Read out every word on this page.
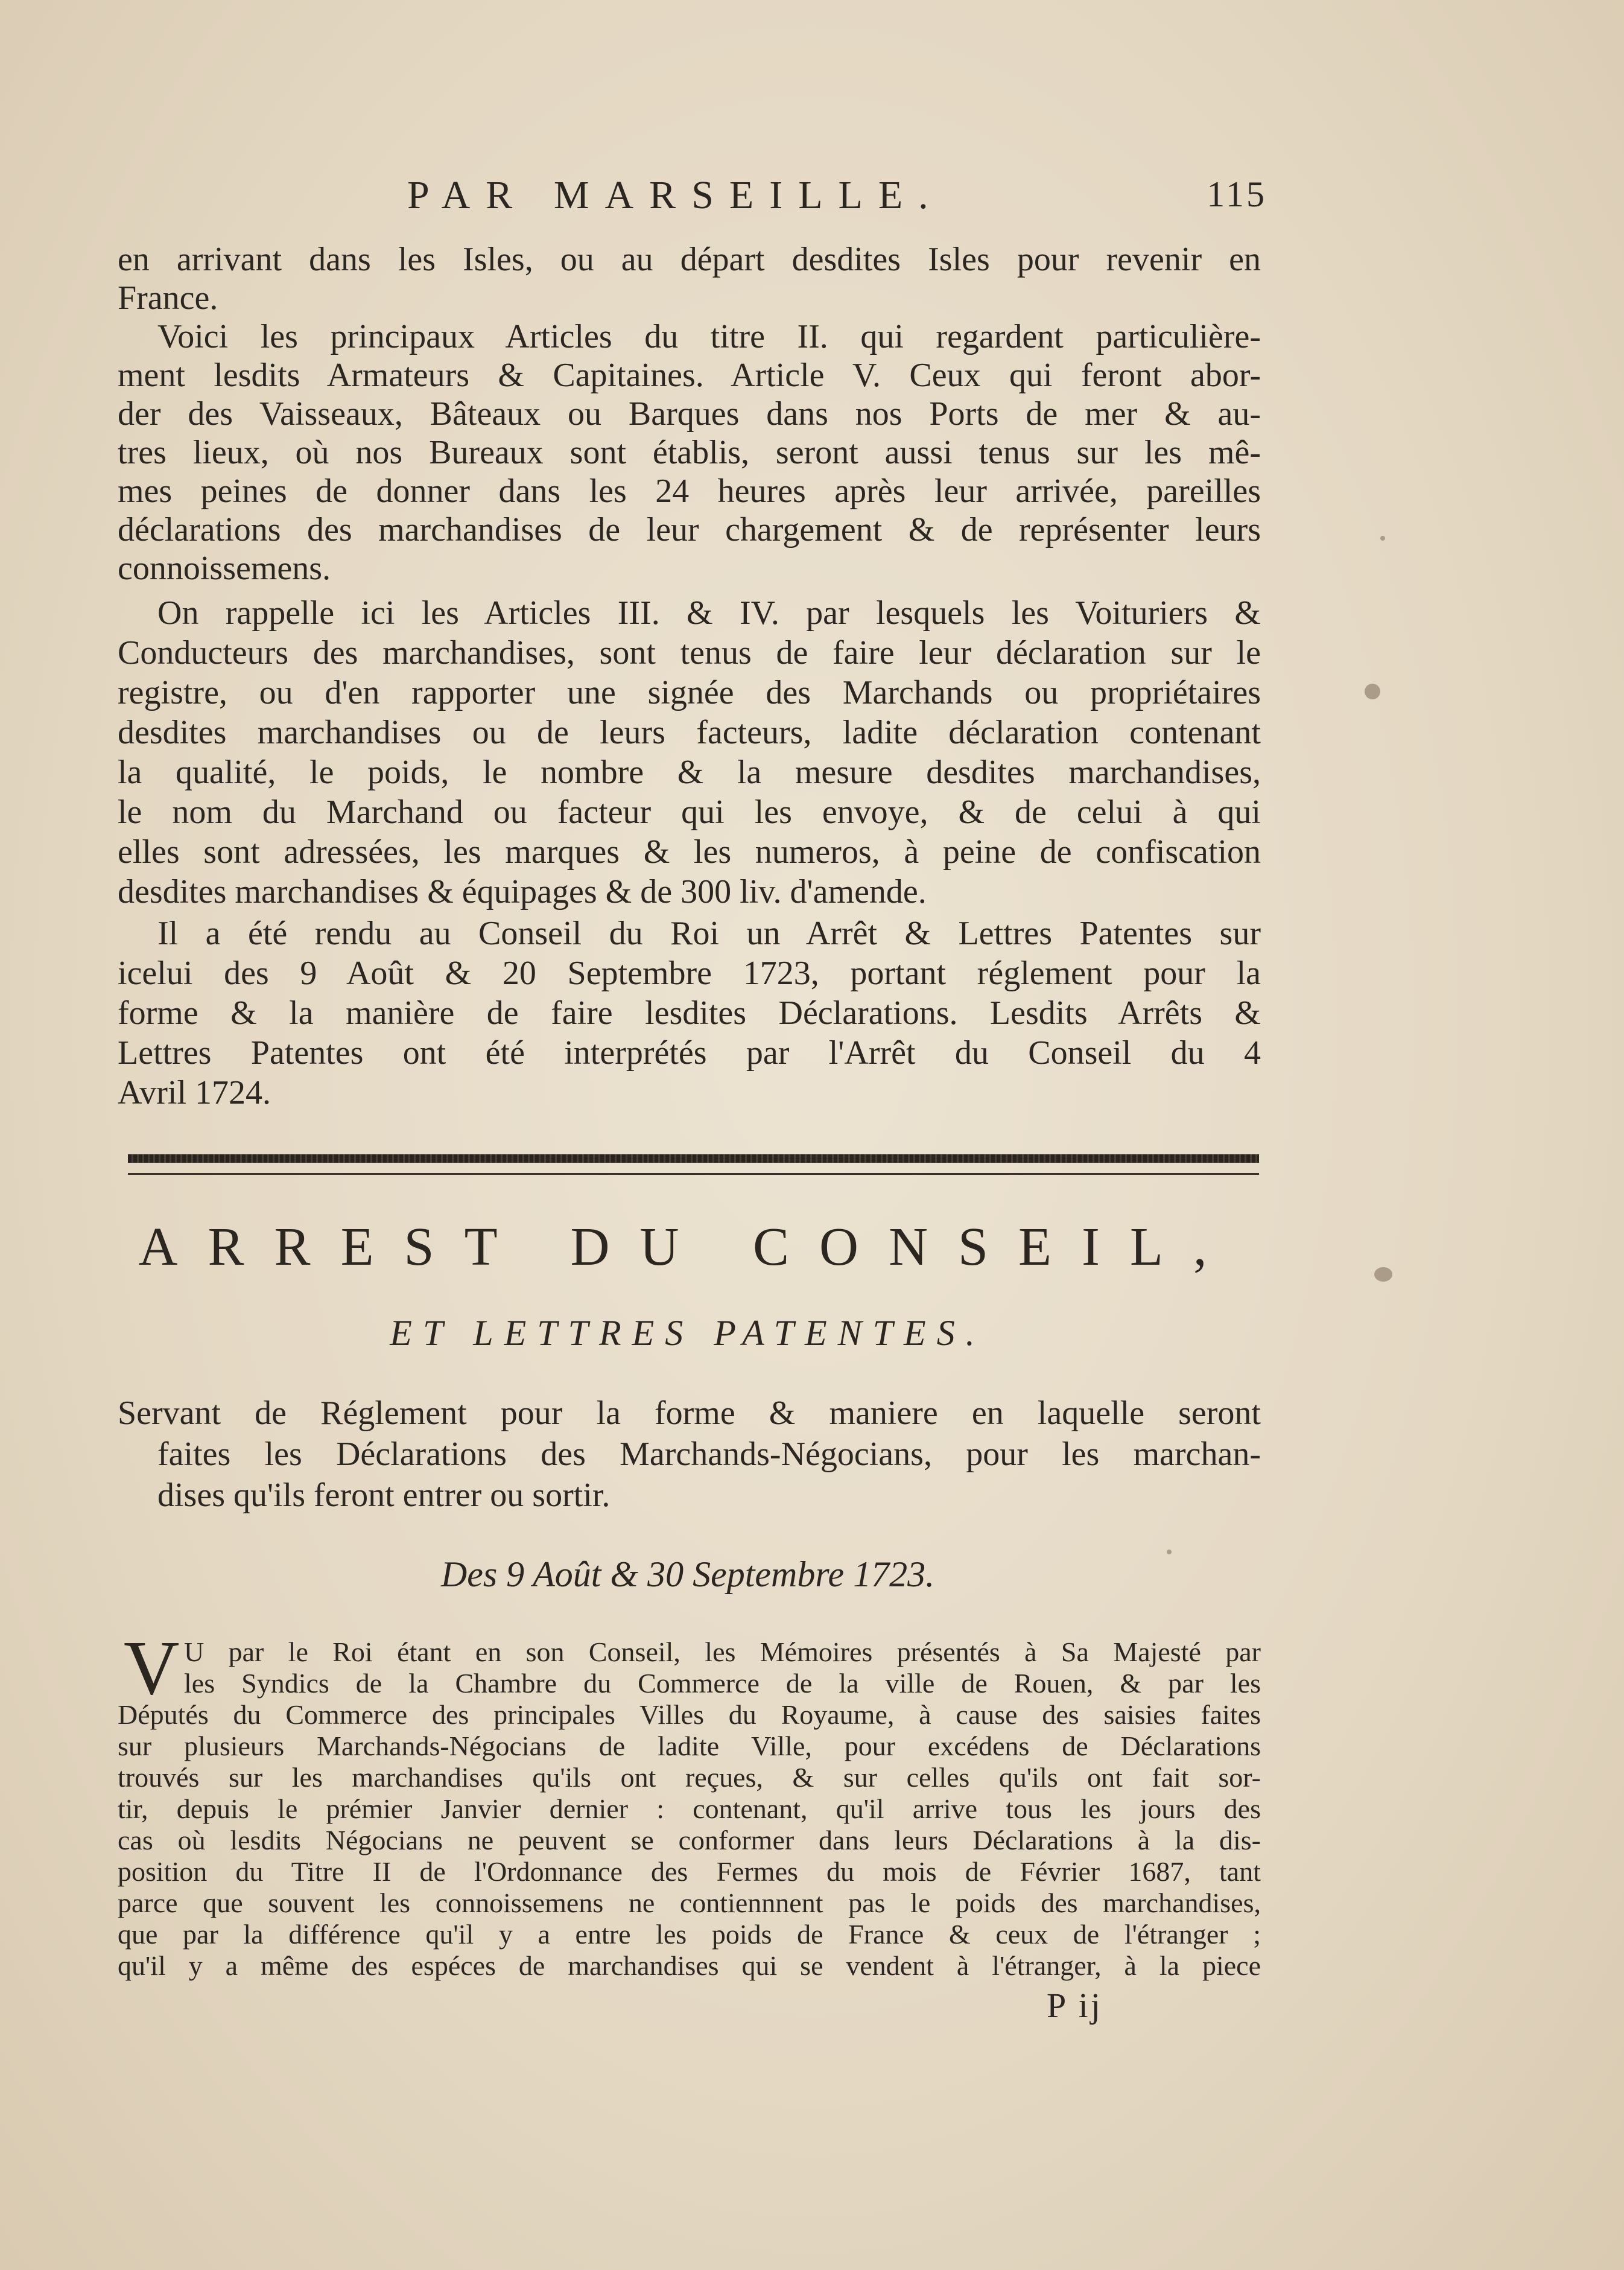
PAR MARSEILLE.	115
en arrivant dans les Isles, ou au départ desdites Isles pour revenir en
France.
Voici les principaux Articles du titre II. qui regardent particulière-
ment lesdits Armateurs & Capitaines. Article V. Ceux qui feront abor-
der des Vaisseaux, Bâteaux ou Barques dans nos Ports de mer & au-
tres lieux, où nos Bureaux sont établis, seront aussi tenus sur les mê-
mes peines de donner dans les 24 heures après leur arrivée, pareilles
déclarations des marchandises de leur chargement & de représenter leurs
connoissemens.
On rappelle ici les Articles III. & IV. par lesquels les Voituriers &
Conducteurs des marchandises, sont tenus de faire leur déclaration sur le
registre, ou d'en rapporter une signée des Marchands ou propriétaires
desdites marchandises ou de leurs facteurs, ladite déclaration contenant
la qualité, le poids, le nombre & la mesure desdites marchandises,
le nom du Marchand ou facteur qui les envoye, & de celui à qui
elles sont adressées, les marques & les numeros, à peine de confiscation
desdites marchandises & équipages & de 300 liv. d'amende.
Il a été rendu au Conseil du Roi un Arrêt & Lettres Patentes sur
icelui des 9 Août & 20 Septembre 1723, portant réglement pour la
forme & la manière de faire lesdites Déclarations. Lesdits Arrêts &
Lettres Patentes ont été interprétés par l'Arrêt du Conseil du 4
Avril 1724.
ARREST DU CONSEIL,
ET LETTRES PATENTES.
Servant de Réglement pour la forme & maniere en laquelle seront
faites les Déclarations des Marchands-Négocians, pour les marchan-
dises qu'ils feront entrer ou sortir.
Des 9 Août & 30 Septembre 1723.
V U par le Roi étant en son Conseil, les Mémoires présentés à Sa Majesté par
les Syndics de la Chambre du Commerce de la ville de Rouen, & par les
Députés du Commerce des principales Villes du Royaume, à cause des saisies faites
sur plusieurs Marchands-Négocians de ladite Ville, pour excédens de Déclarations
trouvés sur les marchandises qu'ils ont reçues, & sur celles qu'ils ont fait sor-
tir, depuis le prémier Janvier dernier : contenant, qu'il arrive tous les jours des
cas où lesdits Négocians ne peuvent se conformer dans leurs Déclarations à la dis-
position du Titre II de l'Ordonnance des Fermes du mois de Février 1687, tant
parce que souvent les connoissemens ne contiennnent pas le poids des marchandises,
que par la différence qu'il y a entre les poids de France & ceux de l'étranger ;
qu'il y a même des espéces de marchandises qui se vendent à l'étranger, à la piece
P ij
